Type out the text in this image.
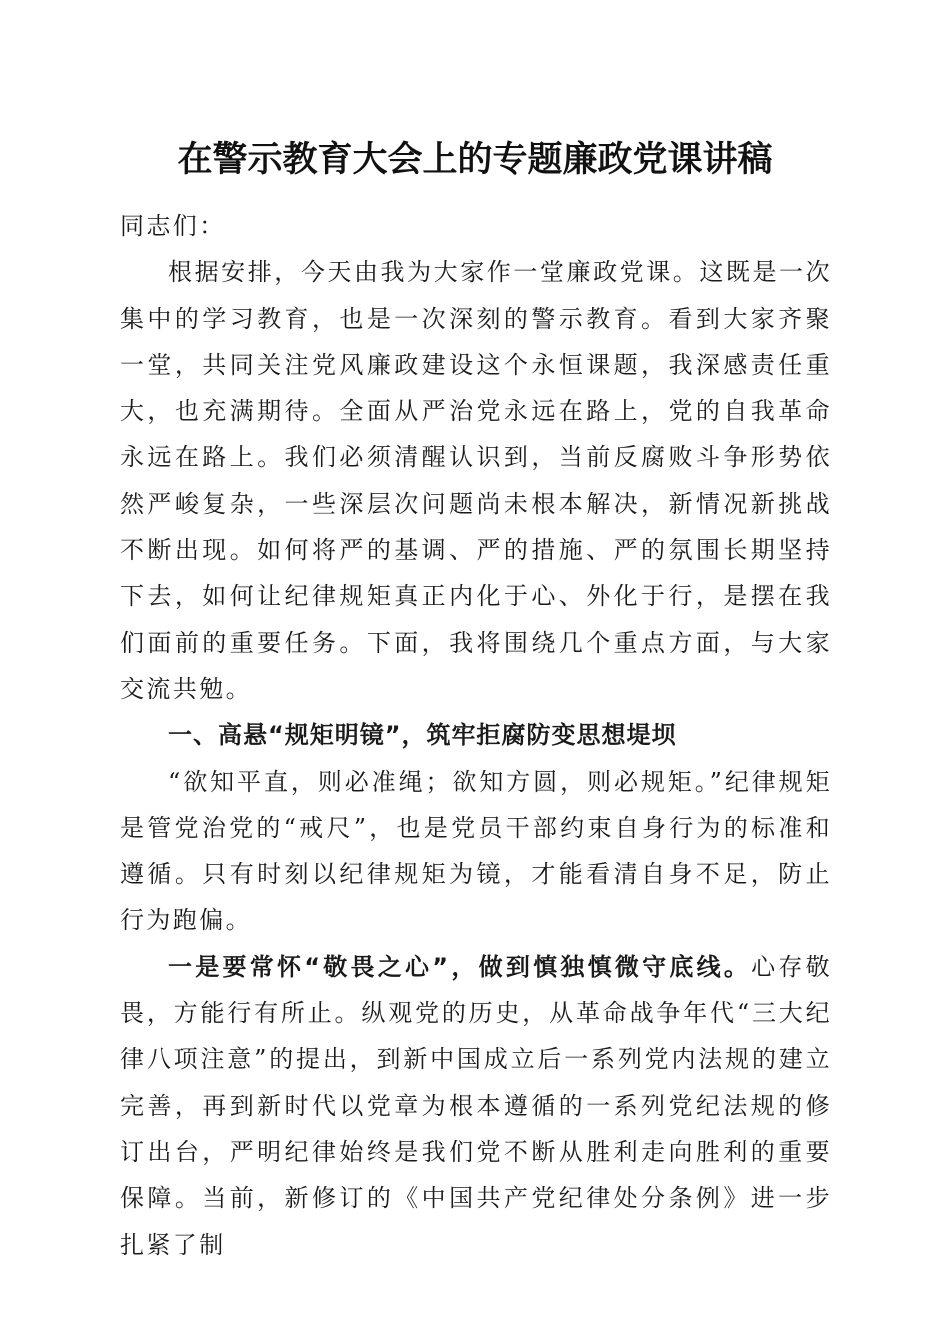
在警示教育大会上的专题廉政党课讲稿

同志们：

根据安排，今天由我为大家作一堂廉政党课。这既是一次集中的学习教育，也是一次深刻的警示教育。看到大家齐聚一堂，共同关注党风廉政建设这个永恒课题，我深感责任重大，也充满期待。全面从严治党永远在路上，党的自我革命永远在路上。我们必须清醒认识到，当前反腐败斗争形势依然严峻复杂，一些深层次问题尚未根本解决，新情况新挑战不断出现。如何将严的基调、严的措施、严的氛围长期坚持下去，如何让纪律规矩真正内化于心、外化于行，是摆在我们面前的重要任务。下面，我将围绕几个重点方面，与大家交流共勉。

一、高悬“规矩明镜”，筑牢拒腐防变思想堤坝

“欲知平直，则必准绳；欲知方圆，则必规矩。”纪律规矩是管党治党的“戒尺”，也是党员干部约束自身行为的标准和遵循。只有时刻以纪律规矩为镜，才能看清自身不足，防止行为跑偏。

一是要常怀“敬畏之心”，做到慎独慎微守底线。心存敬畏，方能行有所止。纵观党的历史，从革命战争年代“三大纪律八项注意”的提出，到新中国成立后一系列党内法规的建立完善，再到新时代以党章为根本遵循的一系列党纪法规的修订出台，严明纪律始终是我们党不断从胜利走向胜利的重要保障。当前，新修订的《中国共产党纪律处分条例》进一步扎紧了制
